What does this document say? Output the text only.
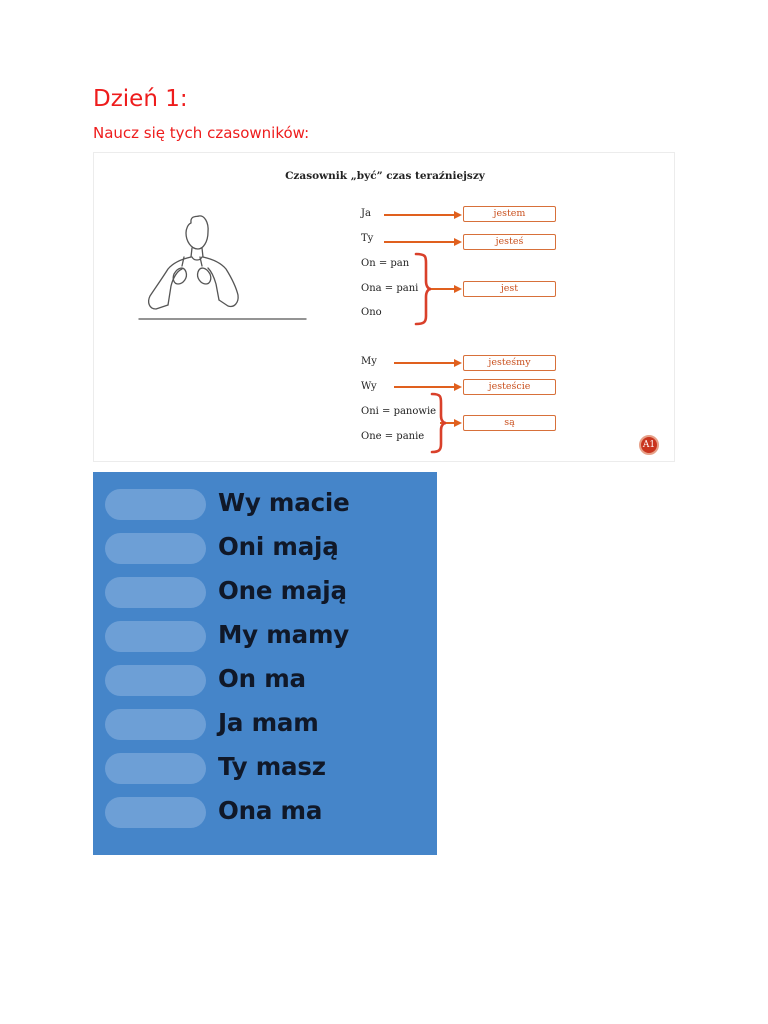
Dzień 1:

Naucz się tych czasowników:

Czasownik „być” czas teraźniejszy
Ja
Ty
On = pan
Ona = pani
Ono
jestem
jesteś
jest
My
Wy
Oni = panowie
One = panie
jesteśmy
jesteście
są
A1
Wy macie
Oni mają
One mają
My mamy
On ma
Ja mam
Ty masz
Ona ma
